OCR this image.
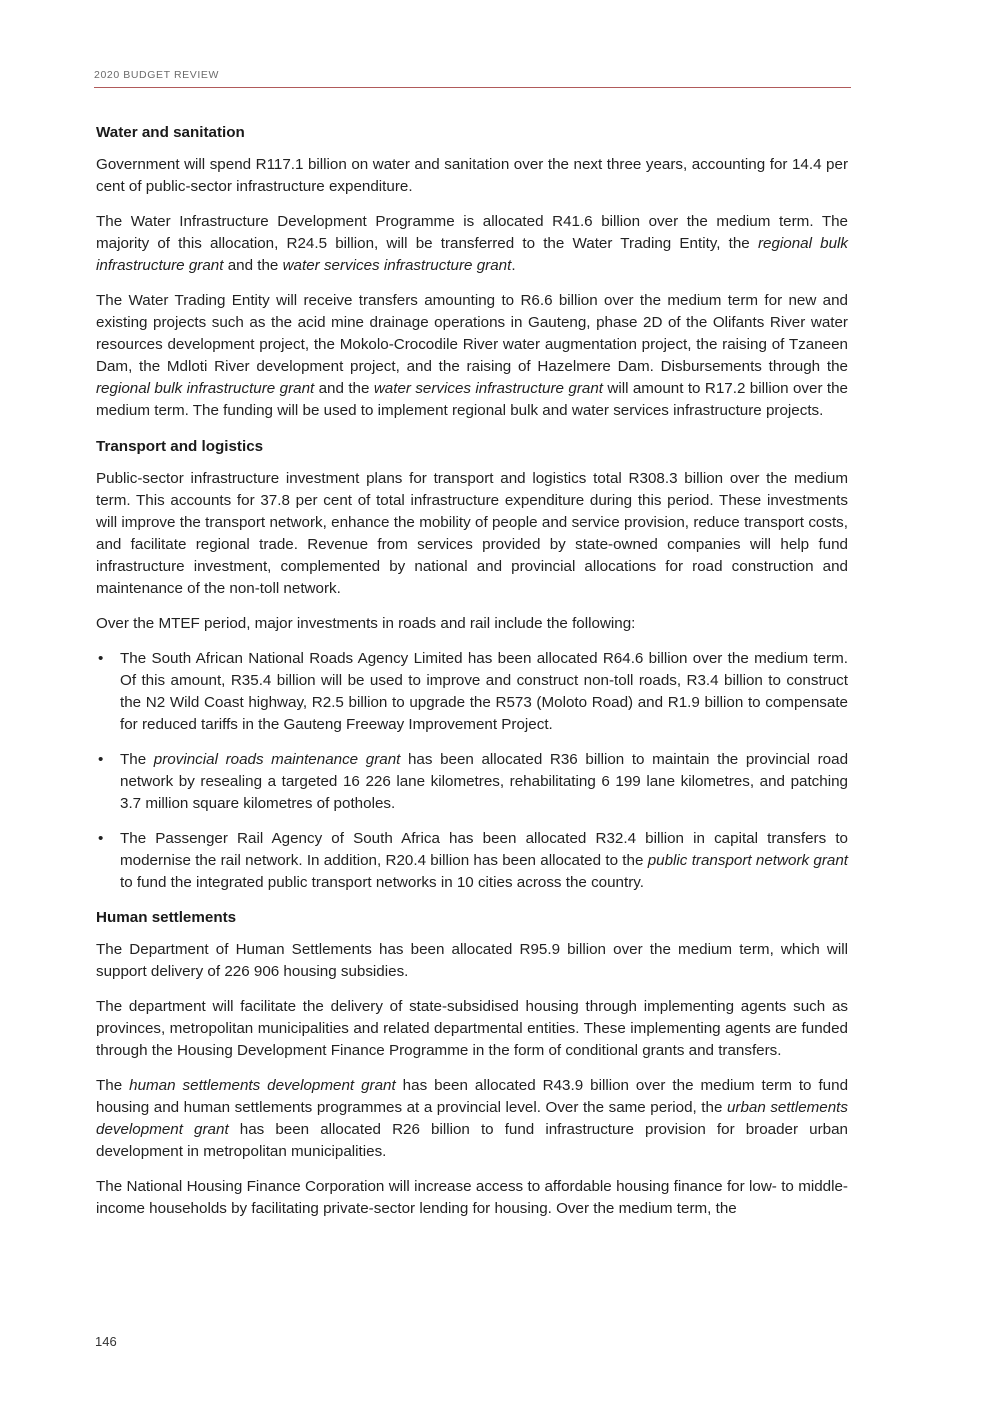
2020 BUDGET REVIEW
Water and sanitation

Government will spend R117.1 billion on water and sanitation over the next three years, accounting for 14.4 per cent of public-sector infrastructure expenditure.

The Water Infrastructure Development Programme is allocated R41.6 billion over the medium term. The majority of this allocation, R24.5 billion, will be transferred to the Water Trading Entity, the regional bulk infrastructure grant and the water services infrastructure grant.

The Water Trading Entity will receive transfers amounting to R6.6 billion over the medium term for new and existing projects such as the acid mine drainage operations in Gauteng, phase 2D of the Olifants River water resources development project, the Mokolo-Crocodile River water augmentation project, the raising of Tzaneen Dam, the Mdloti River development project, and the raising of Hazelmere Dam. Disbursements through the regional bulk infrastructure grant and the water services infrastructure grant will amount to R17.2 billion over the medium term. The funding will be used to implement regional bulk and water services infrastructure projects.

Transport and logistics

Public-sector infrastructure investment plans for transport and logistics total R308.3 billion over the medium term. This accounts for 37.8 per cent of total infrastructure expenditure during this period. These investments will improve the transport network, enhance the mobility of people and service provision, reduce transport costs, and facilitate regional trade. Revenue from services provided by state-owned companies will help fund infrastructure investment, complemented by national and provincial allocations for road construction and maintenance of the non-toll network.

Over the MTEF period, major investments in roads and rail include the following:

• The South African National Roads Agency Limited has been allocated R64.6 billion over the medium term. Of this amount, R35.4 billion will be used to improve and construct non-toll roads, R3.4 billion to construct the N2 Wild Coast highway, R2.5 billion to upgrade the R573 (Moloto Road) and R1.9 billion to compensate for reduced tariffs in the Gauteng Freeway Improvement Project.
• The provincial roads maintenance grant has been allocated R36 billion to maintain the provincial road network by resealing a targeted 16 226 lane kilometres, rehabilitating 6 199 lane kilometres, and patching 3.7 million square kilometres of potholes.
• The Passenger Rail Agency of South Africa has been allocated R32.4 billion in capital transfers to modernise the rail network. In addition, R20.4 billion has been allocated to the public transport network grant to fund the integrated public transport networks in 10 cities across the country.
Human settlements

The Department of Human Settlements has been allocated R95.9 billion over the medium term, which will support delivery of 226 906 housing subsidies.

The department will facilitate the delivery of state-subsidised housing through implementing agents such as provinces, metropolitan municipalities and related departmental entities. These implementing agents are funded through the Housing Development Finance Programme in the form of conditional grants and transfers.

The human settlements development grant has been allocated R43.9 billion over the medium term to fund housing and human settlements programmes at a provincial level. Over the same period, the urban settlements development grant has been allocated R26 billion to fund infrastructure provision for broader urban development in metropolitan municipalities.

The National Housing Finance Corporation will increase access to affordable housing finance for low- to middle-income households by facilitating private-sector lending for housing. Over the medium term, the

146
